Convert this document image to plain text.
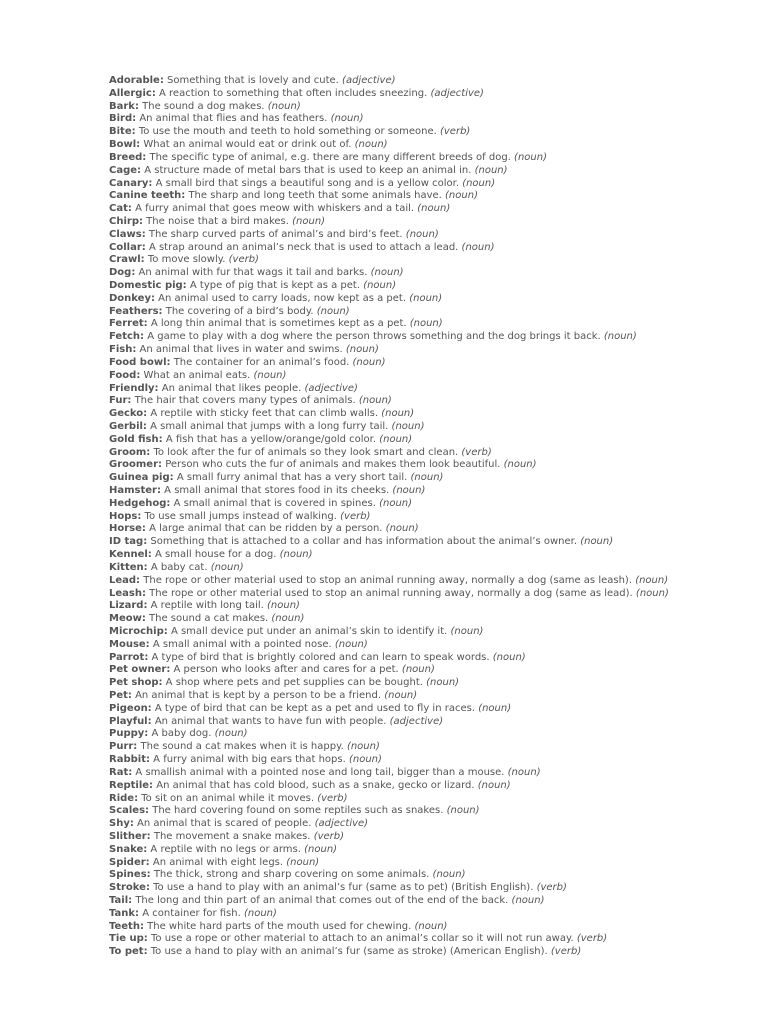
Adorable: Something that is lovely and cute. (adjective)
Allergic: A reaction to something that often includes sneezing. (adjective)
Bark: The sound a dog makes. (noun)
Bird: An animal that flies and has feathers. (noun)
Bite: To use the mouth and teeth to hold something or someone. (verb)
Bowl: What an animal would eat or drink out of. (noun)
Breed: The specific type of animal, e.g. there are many different breeds of dog. (noun)
Cage: A structure made of metal bars that is used to keep an animal in. (noun)
Canary: A small bird that sings a beautiful song and is a yellow color. (noun)
Canine teeth: The sharp and long teeth that some animals have. (noun)
Cat: A furry animal that goes meow with whiskers and a tail. (noun)
Chirp: The noise that a bird makes. (noun)
Claws: The sharp curved parts of animal’s and bird’s feet. (noun)
Collar: A strap around an animal’s neck that is used to attach a lead. (noun)
Crawl: To move slowly. (verb)
Dog: An animal with fur that wags it tail and barks. (noun)
Domestic pig: A type of pig that is kept as a pet. (noun)
Donkey: An animal used to carry loads, now kept as a pet. (noun)
Feathers: The covering of a bird’s body. (noun)
Ferret: A long thin animal that is sometimes kept as a pet. (noun)
Fetch: A game to play with a dog where the person throws something and the dog brings it back. (noun)
Fish: An animal that lives in water and swims. (noun)
Food bowl: The container for an animal’s food. (noun)
Food: What an animal eats. (noun)
Friendly: An animal that likes people. (adjective)
Fur: The hair that covers many types of animals. (noun)
Gecko: A reptile with sticky feet that can climb walls. (noun)
Gerbil: A small animal that jumps with a long furry tail. (noun)
Gold fish: A fish that has a yellow/orange/gold color. (noun)
Groom: To look after the fur of animals so they look smart and clean. (verb)
Groomer: Person who cuts the fur of animals and makes them look beautiful. (noun)
Guinea pig: A small furry animal that has a very short tail. (noun)
Hamster: A small animal that stores food in its cheeks. (noun)
Hedgehog: A small animal that is covered in spines. (noun)
Hops: To use small jumps instead of walking. (verb)
Horse: A large animal that can be ridden by a person. (noun)
ID tag: Something that is attached to a collar and has information about the animal’s owner. (noun)
Kennel: A small house for a dog. (noun)
Kitten: A baby cat. (noun)
Lead: The rope or other material used to stop an animal running away, normally a dog (same as leash). (noun)
Leash: The rope or other material used to stop an animal running away, normally a dog (same as lead). (noun)
Lizard: A reptile with long tail. (noun)
Meow: The sound a cat makes. (noun)
Microchip: A small device put under an animal’s skin to identify it. (noun)
Mouse: A small animal with a pointed nose. (noun)
Parrot: A type of bird that is brightly colored and can learn to speak words. (noun)
Pet owner: A person who looks after and cares for a pet. (noun)
Pet shop: A shop where pets and pet supplies can be bought. (noun)
Pet: An animal that is kept by a person to be a friend. (noun)
Pigeon: A type of bird that can be kept as a pet and used to fly in races. (noun)
Playful: An animal that wants to have fun with people. (adjective)
Puppy: A baby dog. (noun)
Purr: The sound a cat makes when it is happy. (noun)
Rabbit: A furry animal with big ears that hops. (noun)
Rat: A smallish animal with a pointed nose and long tail, bigger than a mouse. (noun)
Reptile: An animal that has cold blood, such as a snake, gecko or lizard. (noun)
Ride: To sit on an animal while it moves. (verb)
Scales: The hard covering found on some reptiles such as snakes. (noun)
Shy: An animal that is scared of people. (adjective)
Slither: The movement a snake makes. (verb)
Snake: A reptile with no legs or arms. (noun)
Spider: An animal with eight legs. (noun)
Spines: The thick, strong and sharp covering on some animals. (noun)
Stroke: To use a hand to play with an animal’s fur (same as to pet) (British English). (verb)
Tail: The long and thin part of an animal that comes out of the end of the back. (noun)
Tank: A container for fish. (noun)
Teeth: The white hard parts of the mouth used for chewing. (noun)
Tie up: To use a rope or other material to attach to an animal’s collar so it will not run away. (verb)
To pet: To use a hand to play with an animal’s fur (same as stroke) (American English). (verb)
